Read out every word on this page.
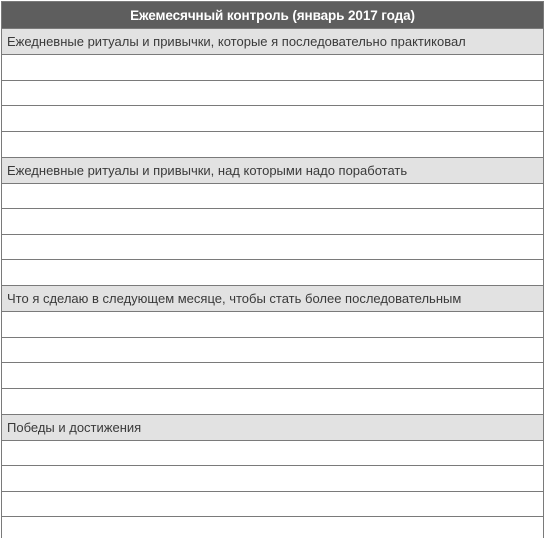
Ежемесячный контроль (январь 2017 года)
Ежедневные ритуалы и привычки, которые я последовательно практиковал
Ежедневные ритуалы и привычки, над которыми надо поработать
Что я сделаю в следующем месяце, чтобы стать более последовательным
Победы и достижения
